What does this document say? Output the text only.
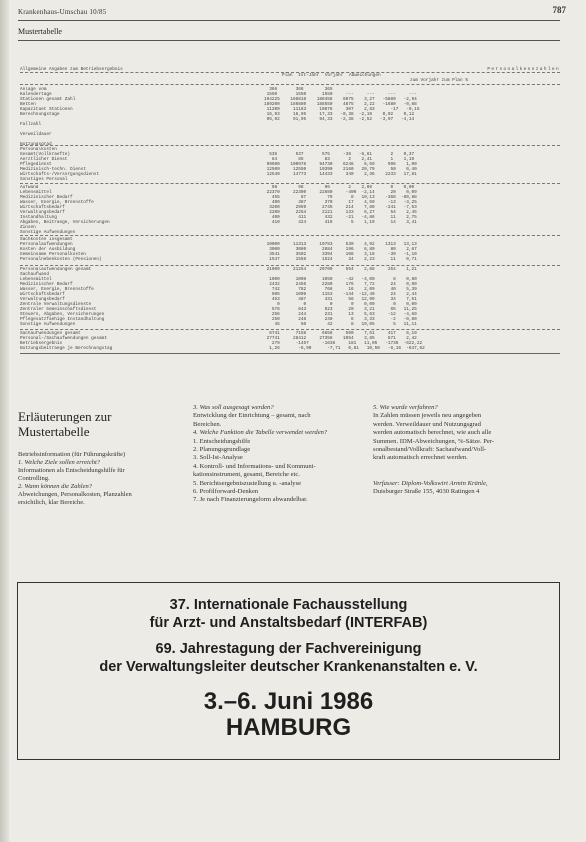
Krankenhaus-Umschau 10/85	787
Mustertabelle
Allgemeine Angaben zum Betriebsergebnis	Personalkennzahlen
Plan Ist-Jahr Vorjahr Abweichungen
zum Vorjahr zum Plan %
Anlage vom
Kalendertage
Stationen gesamt Zahl
Betten
Kapazitaet Stationen
Berechnungstage

Fallzahl

Verweildauer

Nutzungsgrad
366       366        365
1550       1550      1550     ---     ---     ---     ---
194225    188818    188458    6075    3,27   -5880   -2,94
189200    186880    188550    4875    2,22   -1680   -0,88
11200     11183     10876     307    2,83      -17   -0,15
16,93     16,95     17,33   -0,38  -2,19    0,02    0,12
95,92     91,95     94,33   -2,38  -2,52   -3,97   -4,14
Personalkosten
Gesamt(Vollkraefte)
Aerztlicher Dienst
Pflegedienst
Medizinisch-techn. Dienst
Wirtschafts-/Versorgungsdienst
Sonstiges Personal

535       537       575     -38   -6,61       2    0,37
84        85        83       2    2,41       1    1,19
99980    100976     94730    6246    6,59     996    1,00
12500     12550     10390    2160   20,79      50    0,40
12540     14773     14433     340    2,36    2233   17,81
Aufwand
Lebensmittel
Medizinischer Bedarf
Wasser, Energie, Brennstoffe
Wirtschaftsbedarf
Verwaltungsbedarf
Instandhaltung
Abgaben, Beitraege, Versicherungen
Zinsen
Sonstige Aufwendungen
98        98        96       2    2,08       0    0,00
22370     22390     22880     -490  -2,14      20    0,09
455        87        79       8   10,13    -368  -80,88
400       387       370      17    4,59     -13   -3,25
3200      2959      2745     214    7,80    -241   -7,53
2200      2254      2121     133    6,27      54    2,45
400       411       432     -21   -4,86      11    2,75
410       424       419       5    1,19      14    3,41
Sachkosten insgesamt
Personalaufwendungen
Kosten der Ausbildung
Gemeinsame Personalkosten
Personalnebenkosten (Pensionen)

10000     11313     10783     530    4,92    1313   13,13
3000      3080      2884     196    6,80      80    2,67
3541      3502      3394     108    3,18     -39   -1,10
1547      1558      1524      34    2,23      11    0,71
Personalaufwendungen gesamt
Sachaufwand
Lebensmittel
Medizinischer Bedarf
Wasser, Energie, Brennstoffe
Wirtschaftsbedarf
Verwaltungsbedarf
Zentrale Verwaltungsdienste
Zentraler Gemeinschaftsdienst
Steuern, Abgaben, Versicherungen
Pflegesatzfaehige Instandhaltung
Sonstige Aufwendungen
21000     21254     20700     554    2,68     254    1,21

1000      1008      1050     -42   -4,00       8    0,80
2432      2456      2280     176    7,72      24    0,99
742       782       766      16    2,09      40    5,39
985      1009      1153    -144  -12,49      24    2,44
453       487       431      56   12,99      34    7,51
0         0         0       0    0,00       0    0,00
578       643       623      20    3,21      65   11,25
256       244       231      13    5,63     -12   -4,69
250       248       240       8    3,33      -2   -0,80
45        50        42       8   19,05       5   11,11
Sachaufwendungen gesamt
Personal-/Sachaufwendungen gesamt
Betriebsergebnis
Nutzungsbeitraege je Berechnungstag
6741      7158      6658     500    7,51     417    6,19
27741     28412     27358    1054    3,85     671    2,42
279      -1457     -1638     181   11,05   -1736  -622,22
1,26       -6,90      -7,71   0,81   10,50   -8,16  -647,62
Erläuterungen zur
Mustertabelle
Betriebsinformation (für Führungskräfte)
1. Welche Ziele sollen erreicht?
Informationen als Entscheidungshilfe für
Controlling.
2. Wann können die Zahlen?
Abweichungen, Personalkosten, Planzahlen
ersichtlich, klar Bereiche.
3. Was soll ausgesagt werden?
Entwicklung der Einrichtung – gesamt, nach
Bereichen.
4. Welche Funktion die Tabelle verwendet werden?
1. Entscheidungshilfe
2. Planungsgrundlage
3. Soll-Ist-Analyse
4. Kontroll- und Informations- und Kommuni-
kationsinstrument, gesamt, Bereiche etc.
5. Berichtsergebniszustellung u. -analyse
6. Profilforward-Denken
7. Je nach Finanzierungsform abwandelbar.
5. Wie wurde verfahren?
In Zahlen müssen jeweils neu angegeben
werden. Verweildauer und Nutzungsgrad
werden automatisch berechnet, wie auch alle
Summen. IDM-Abweichungen, %-Sätze. Per-
sonalbestand/Vollkraft: Sachaufwand/Voll-
kraft automatisch errechnet werden.

Verfasser: Diplom-Volkswirt Armin Kränle,
Duisburger Straße 155, 4030 Ratingen 4
37. Internationale Fachausstellung
für Arzt- und Anstaltsbedarf (INTERFAB)
69. Jahrestagung der Fachvereinigung
der Verwaltungsleiter deutscher Krankenanstalten e. V.
3.–6. Juni 1986
HAMBURG
